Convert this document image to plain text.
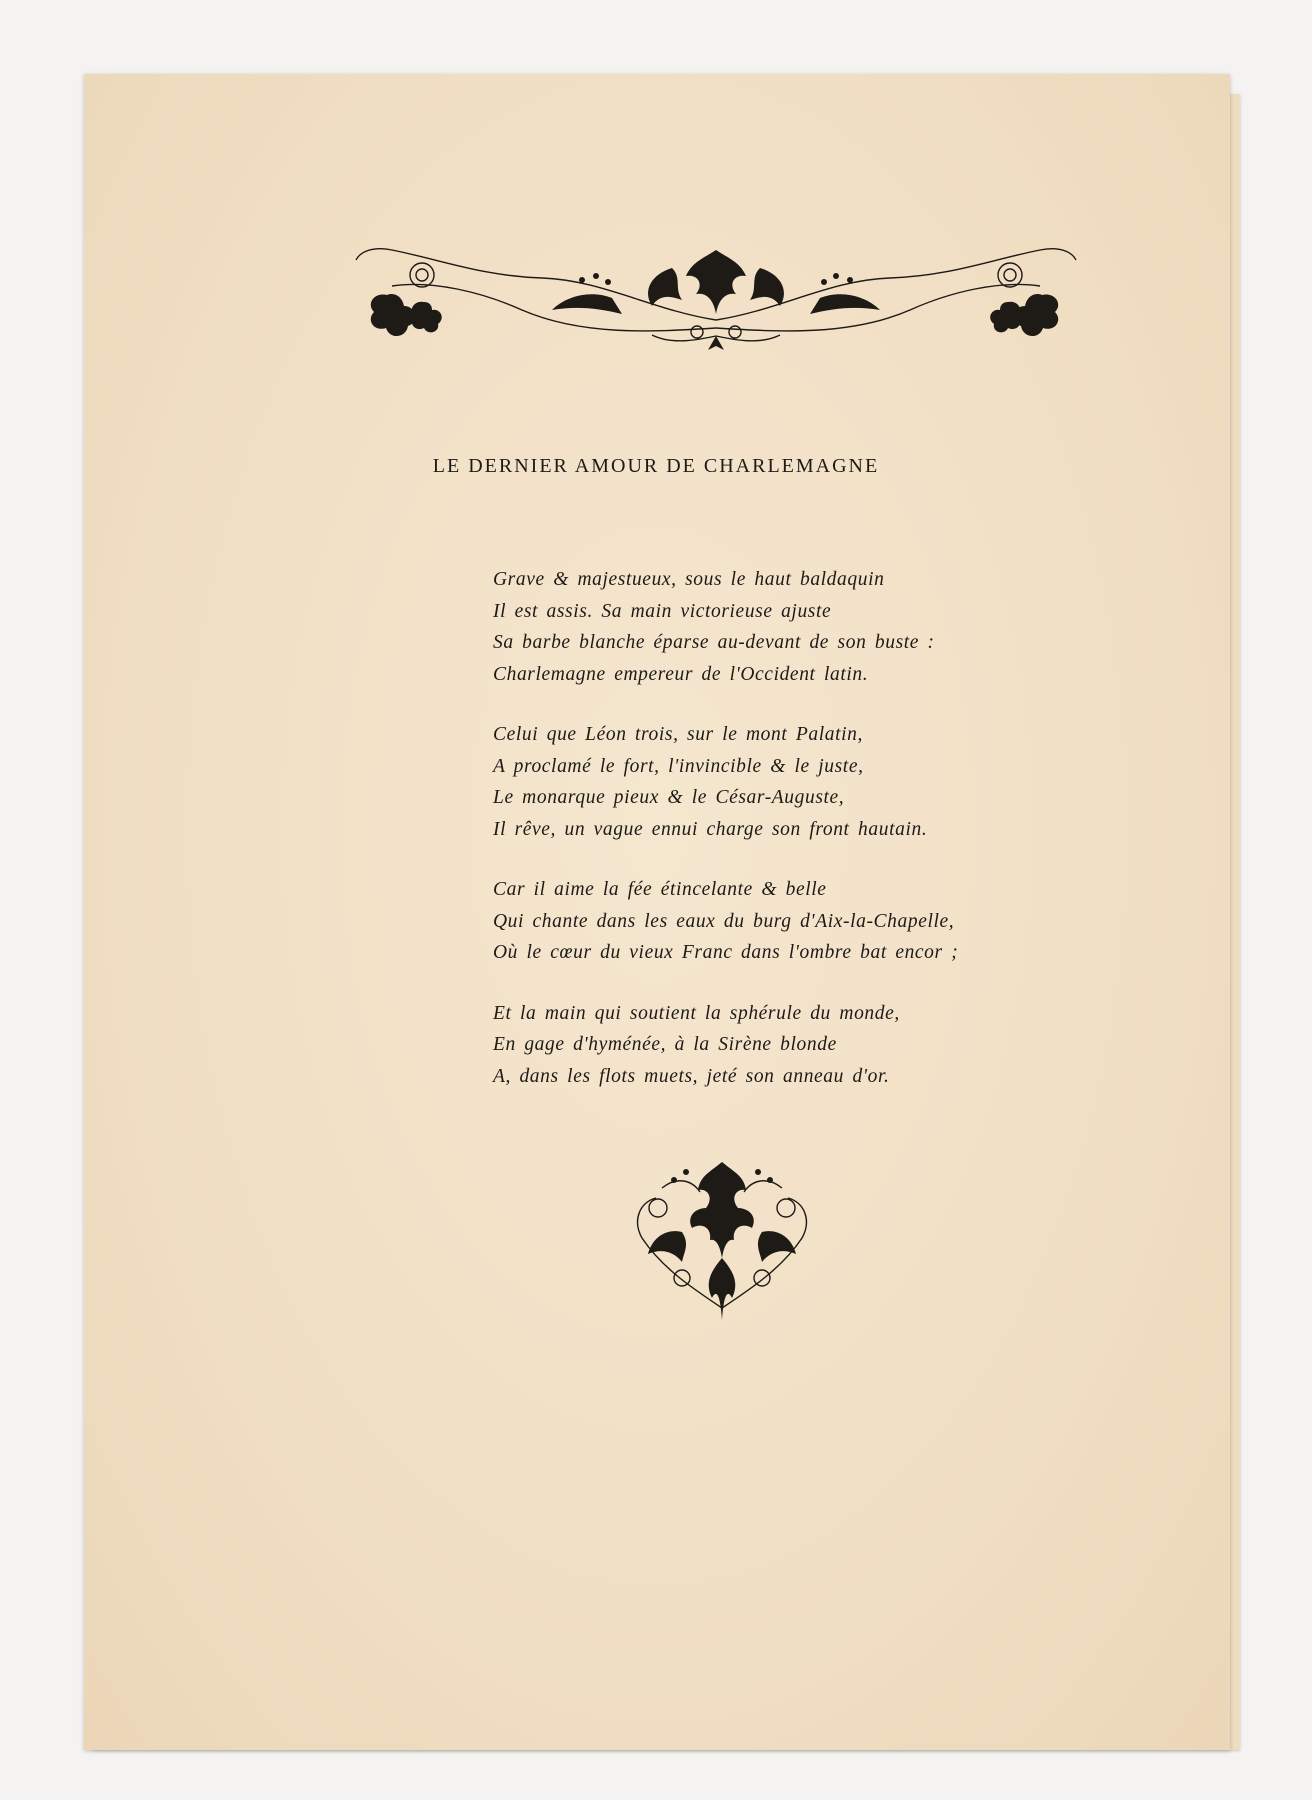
LE DERNIER AMOUR DE CHARLEMAGNE
Grave & majestueux, sous le haut baldaquin
Il est assis. Sa main victorieuse ajuste
Sa barbe blanche éparse au-devant de son buste :
Charlemagne empereur de l'Occident latin.
Celui que Léon trois, sur le mont Palatin,
A proclamé le fort, l'invincible & le juste,
Le monarque pieux & le César-Auguste,
Il rêve, un vague ennui charge son front hautain.
Car il aime la fée étincelante & belle
Qui chante dans les eaux du burg d'Aix-la-Chapelle,
Où le cœur du vieux Franc dans l'ombre bat encor ;
Et la main qui soutient la sphérule du monde,
En gage d'hyménée, à la Sirène blonde
A, dans les flots muets, jeté son anneau d'or.
